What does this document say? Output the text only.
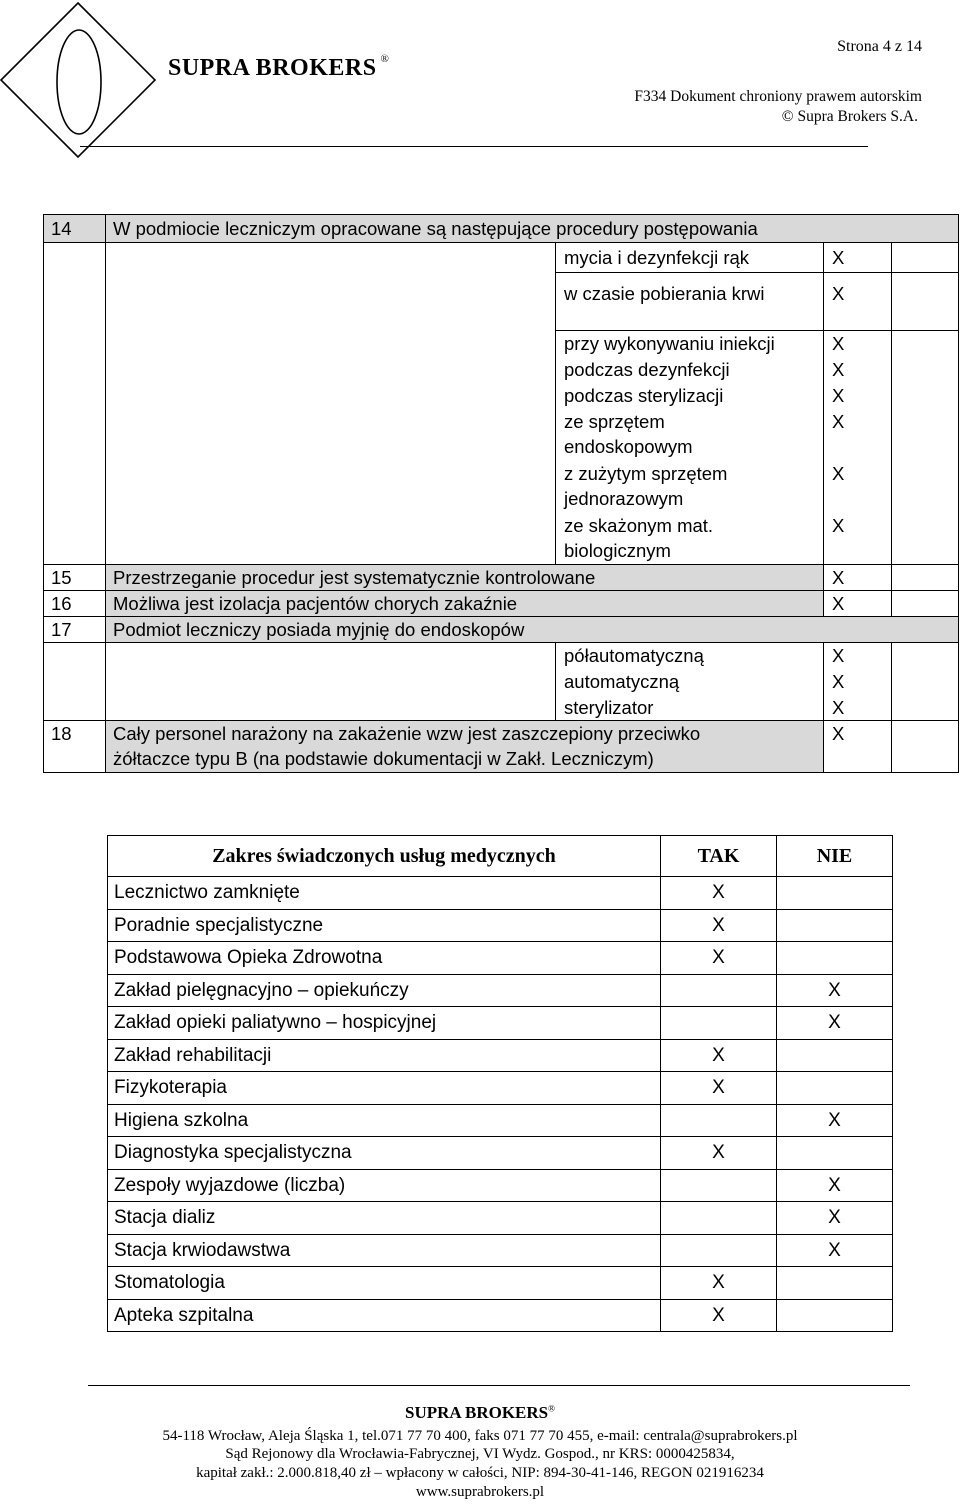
SUPRA BROKERS ®
Strona 4 z 14
F334 Dokument chroniony prawem autorskim
© Supra Brokers S.A.
14	W podmiocie leczniczym opracowane są następujące procedury postępowania			
		mycia i dezynfekcji rąk	X	
		w czasie pobierania krwi	X	
		przy wykonywaniu iniekcji	X	
		podczas dezynfekcji	X	
		podczas sterylizacji	X	
		ze sprzętem
endoskopowym	X	
		z zużytym sprzętem
jednorazowym	X	
		ze skażonym mat.
biologicznym	X	
15	Przestrzeganie procedur jest systematycznie kontrolowane		X	
16	Możliwa jest izolacja pacjentów chorych zakaźnie		X	
17	Podmiot leczniczy posiada myjnię do endoskopów			
		półautomatyczną	X	
		automatyczną	X	
		sterylizator	X	
18	Cały personel narażony na zakażenie wzw jest zaszczepiony przeciwko
żółtaczce typu B (na podstawie dokumentacji w Zakł. Leczniczym)		X	
Zakres świadczonych usług medycznych	TAK	NIE
Lecznictwo zamknięte	X	
Poradnie specjalistyczne	X	
Podstawowa Opieka Zdrowotna	X	
Zakład pielęgnacyjno – opiekuńczy		X
Zakład opieki paliatywno – hospicyjnej		X
Zakład rehabilitacji	X	
Fizykoterapia	X	
Higiena szkolna		X
Diagnostyka specjalistyczna	X	
Zespoły wyjazdowe (liczba)		X
Stacja dializ		X
Stacja krwiodawstwa		X
Stomatologia	X	
Apteka szpitalna	X	
SUPRA BROKERS®
54-118 Wrocław, Aleja Śląska 1, tel.071 77 70 400, faks 071 77 70 455, e-mail: centrala@suprabrokers.pl
Sąd Rejonowy dla Wrocławia-Fabrycznej, VI Wydz. Gospod., nr KRS: 0000425834,
kapitał zakł.: 2.000.818,40 zł – wpłacony w całości, NIP: 894-30-41-146, REGON 021916234
www.suprabrokers.pl
